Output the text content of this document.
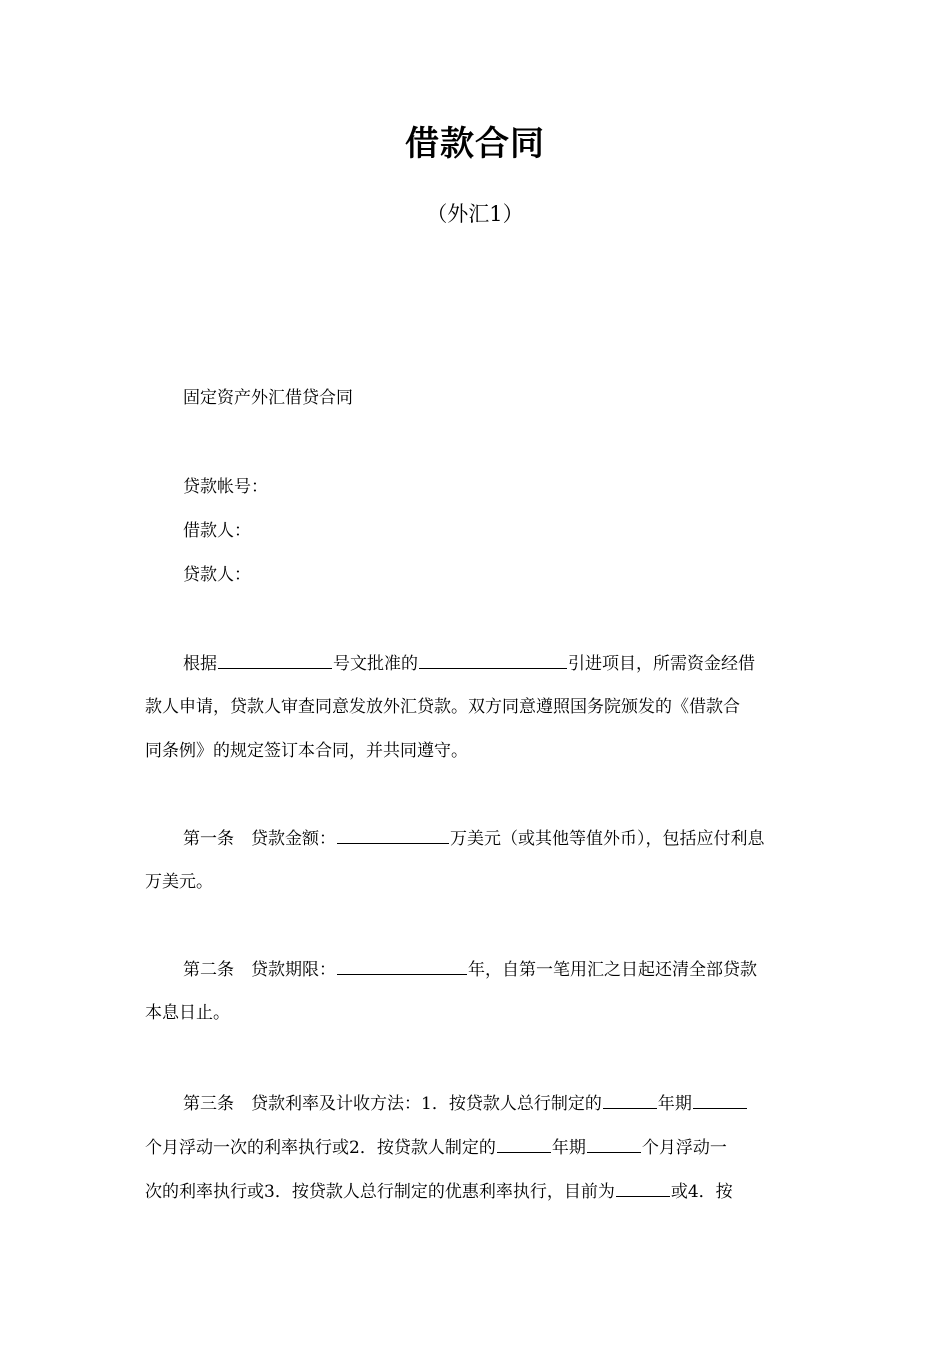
借款合同
（外汇1）
固定资产外汇借贷合同
贷款帐号：
借款人：
贷款人：
根据	号文批准的	引进项目，所需资金经借
款人申请，贷款人审查同意发放外汇贷款。双方同意遵照国务院颁发的《借款合
同条例》的规定签订本合同，并共同遵守。
第一条　贷款金额：	万美元（或其他等值外币），包括应付利息
万美元。
第二条　贷款期限：	年，自第一笔用汇之日起还清全部贷款
本息日止。
第三条　贷款利率及计收方法：1．按贷款人总行制定的	年期
个月浮动一次的利率执行或2．按贷款人制定的	年期	个月浮动一
次的利率执行或3．按贷款人总行制定的优惠利率执行，目前为	或4．按
